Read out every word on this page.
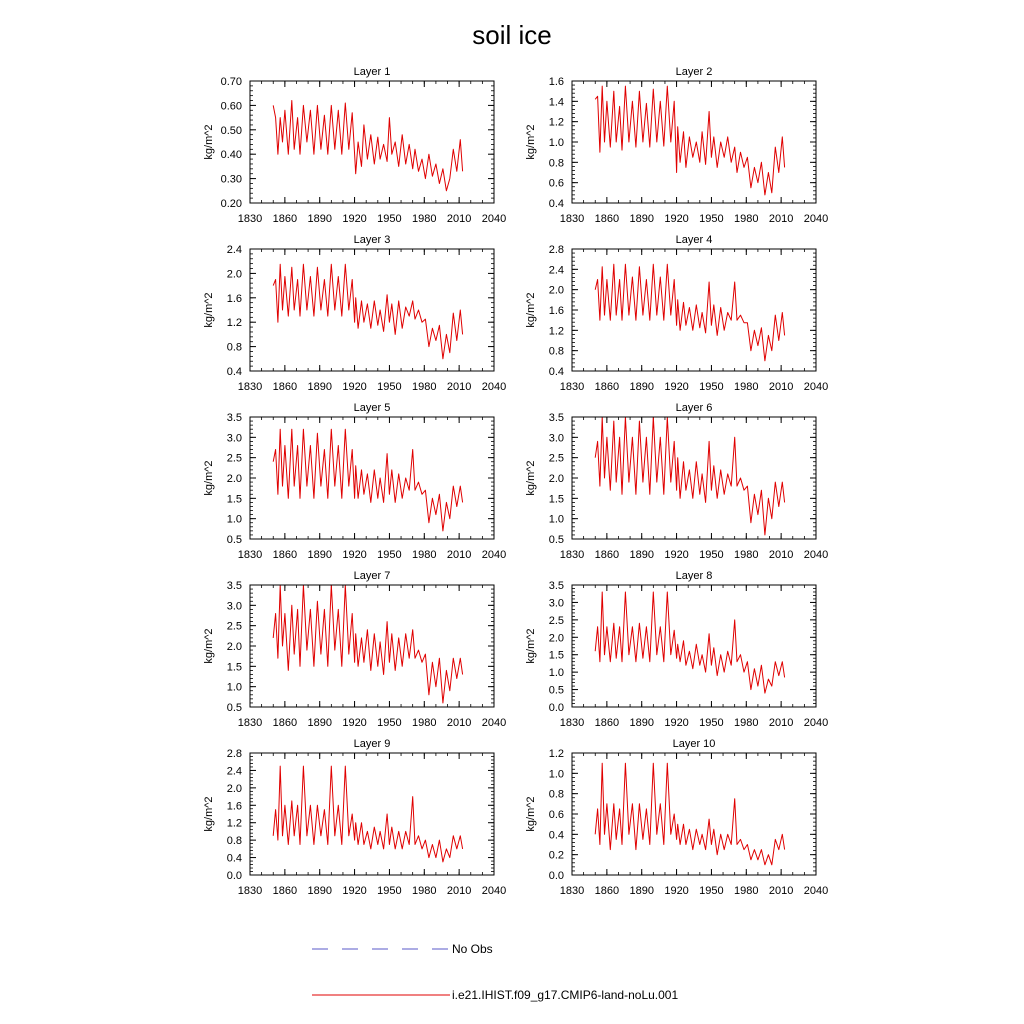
soil ice
Layer 1
kg/m^2
1830 1860 1890 1920 1950 1980 2010 2040
0.20
0.30
0.40
0.50
0.60
0.70
Layer 2
kg/m^2
1830 1860 1890 1920 1950 1980 2010 2040
0.4
0.6
0.8
1.0
1.2
1.4
1.6
Layer 3
kg/m^2
1830 1860 1890 1920 1950 1980 2010 2040
0.4
0.8
1.2
1.6
2.0
2.4
Layer 4
kg/m^2
1830 1860 1890 1920 1950 1980 2010 2040
0.4
0.8
1.2
1.6
2.0
2.4
2.8
Layer 5
kg/m^2
1830 1860 1890 1920 1950 1980 2010 2040
0.5
1.0
1.5
2.0
2.5
3.0
3.5
Layer 6
kg/m^2
1830 1860 1890 1920 1950 1980 2010 2040
0.5
1.0
1.5
2.0
2.5
3.0
3.5
Layer 7
kg/m^2
1830 1860 1890 1920 1950 1980 2010 2040
0.5
1.0
1.5
2.0
2.5
3.0
3.5
Layer 8
kg/m^2
1830 1860 1890 1920 1950 1980 2010 2040
0.0
0.5
1.0
1.5
2.0
2.5
3.0
3.5
Layer 9
kg/m^2
1830 1860 1890 1920 1950 1980 2010 2040
0.0
0.4
0.8
1.2
1.6
2.0
2.4
2.8
Layer 10
kg/m^2
1830 1860 1890 1920 1950 1980 2010 2040
0.0
0.2
0.4
0.6
0.8
1.0
1.2
No Obs
i.e21.IHIST.f09_g17.CMIP6-land-noLu.001
